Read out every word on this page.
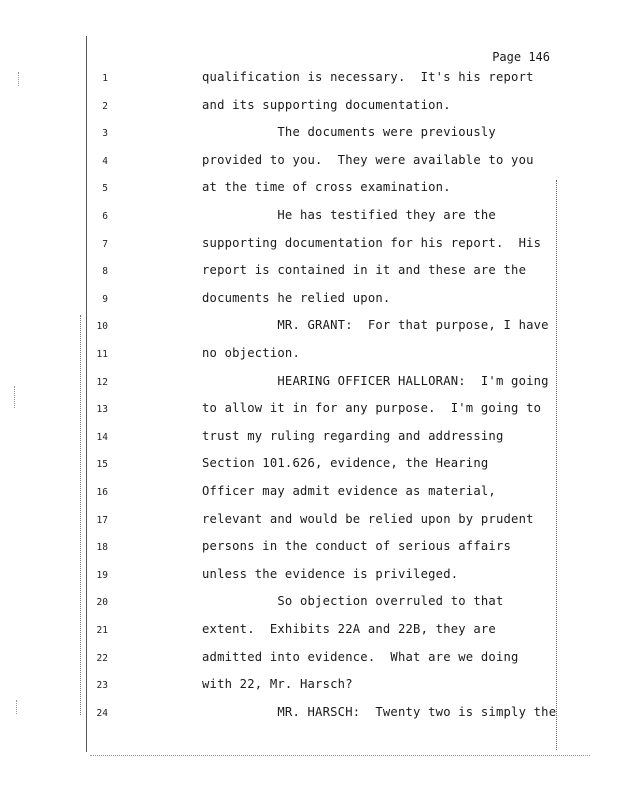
Page 146
1	qualification is necessary.  It's his report
2	and its supporting documentation.
3	The documents were previously
4	provided to you.  They were available to you
5	at the time of cross examination.
6	He has testified they are the
7	supporting documentation for his report.  His
8	report is contained in it and these are the
9	documents he relied upon.
10	MR. GRANT:  For that purpose, I have
11	no objection.
12	HEARING OFFICER HALLORAN:  I'm going
13	to allow it in for any purpose.  I'm going to
14	trust my ruling regarding and addressing
15	Section 101.626, evidence, the Hearing
16	Officer may admit evidence as material,
17	relevant and would be relied upon by prudent
18	persons in the conduct of serious affairs
19	unless the evidence is privileged.
20	So objection overruled to that
21	extent.  Exhibits 22A and 22B, they are
22	admitted into evidence.  What are we doing
23	with 22, Mr. Harsch?
24	MR. HARSCH:  Twenty two is simply the
